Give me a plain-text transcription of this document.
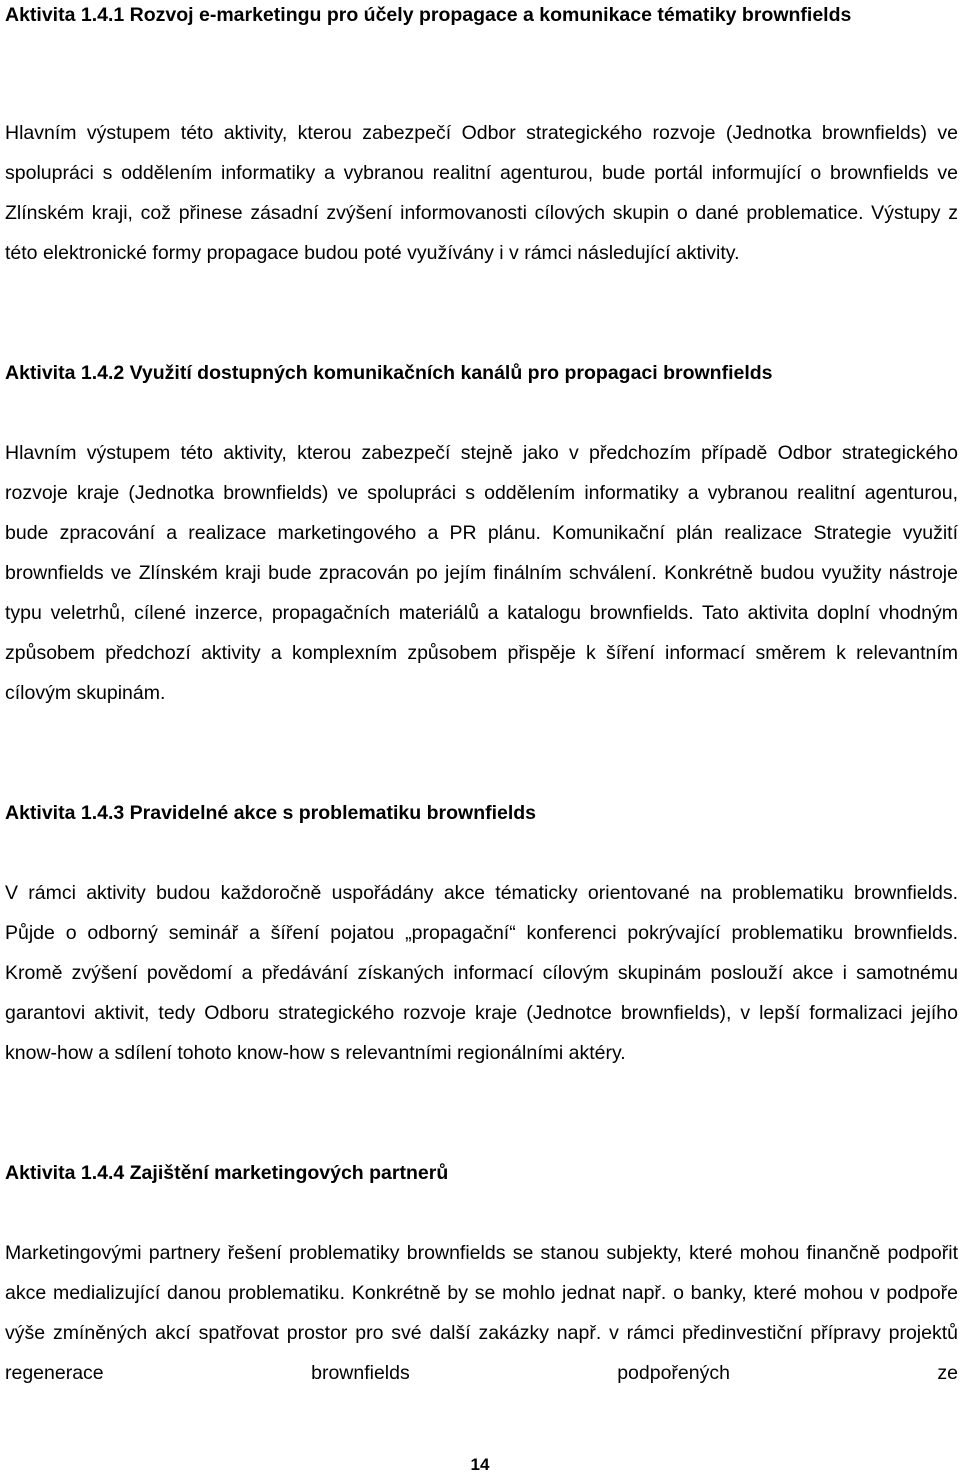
Aktivita 1.4.1 Rozvoj e-marketingu pro účely propagace a komunikace tématiky brownfields

Hlavním výstupem této aktivity, kterou zabezpečí Odbor strategického rozvoje (Jednotka brownfields) ve spolupráci s oddělením informatiky a vybranou realitní agenturou, bude portál informující o brownfields ve Zlínském kraji, což přinese zásadní zvýšení informovanosti cílových skupin o dané problematice. Výstupy z této elektronické formy propagace budou poté využívány i v rámci následující aktivity.

Aktivita 1.4.2 Využití dostupných komunikačních kanálů pro propagaci brownfields

Hlavním výstupem této aktivity, kterou zabezpečí stejně jako v předchozím případě Odbor strategického rozvoje kraje (Jednotka brownfields) ve spolupráci s oddělením informatiky a vybranou realitní agenturou, bude zpracování a realizace marketingového a PR plánu. Komunikační plán realizace Strategie využití brownfields ve Zlínském kraji bude zpracován po jejím finálním schválení. Konkrétně budou využity nástroje typu veletrhů, cílené inzerce, propagačních materiálů a katalogu brownfields. Tato aktivita doplní vhodným způsobem předchozí aktivity a komplexním způsobem přispěje k šíření informací směrem k relevantním cílovým skupinám.

Aktivita 1.4.3 Pravidelné akce s problematiku brownfields

V rámci aktivity budou každoročně uspořádány akce tématicky orientované na problematiku brownfields. Půjde o odborný seminář a šíření pojatou „propagační“ konferenci pokrývající problematiku brownfields. Kromě zvýšení povědomí a předávání získaných informací cílovým skupinám poslouží akce i samotnému garantovi aktivit, tedy Odboru strategického rozvoje kraje (Jednotce brownfields), v lepší formalizaci jejího know-how a sdílení tohoto know-how s relevantními regionálními aktéry.

Aktivita 1.4.4 Zajištění marketingových partnerů

Marketingovými partnery řešení problematiky brownfields se stanou subjekty, které mohou finančně podpořit akce medializující danou problematiku. Konkrétně by se mohlo jednat např. o banky, které mohou v podpoře výše zmíněných akcí spatřovat prostor pro své další zakázky např. v rámci předinvestiční přípravy projektů regenerace brownfields podpořených ze

14
